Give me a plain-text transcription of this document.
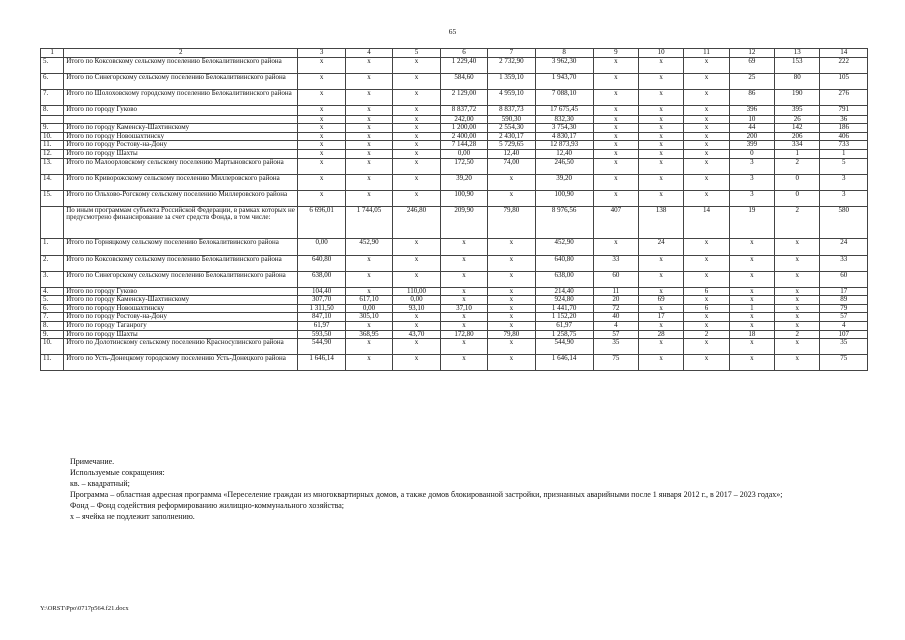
65
1	2	3	4	5	6	7	8	9	10	11	12	13	14
5.	Итого по Коксовскому сельскому поселению Белокалитвинского района	х	х	х	1 229,40	2 732,90	3 962,30	х	х	х	69	153	222
6.	Итого по Синегорскому сельскому поселению Белокалитвинского района	х	х	х	584,60	1 359,10	1 943,70	х	х	х	25	80	105
7.	Итого по Шолоховскому городскому поселению Белокалитвинского района	х	х	х	2 129,00	4 959,10	7 088,10	х	х	х	86	190	276
8.	Итого по городу Гуково	х	х	х	8 837,72	8 837,73	17 675,45	х	х	х	396	395	791
		х	х	х	242,00	590,30	832,30	х	х	х	10	26	36
9.	Итого по городу Каменску-Шахтинскому	х	х	х	1 200,00	2 554,30	3 754,30	х	х	х	44	142	186
10.	Итого по городу Новошахтинску	х	х	х	2 400,00	2 430,17	4 830,17	х	х	х	200	206	406
11.	Итого по городу Ростову-на-Дону	х	х	х	7 144,28	5 729,65	12 873,93	х	х	х	399	334	733
12.	Итого по городу Шахты	х	х	х	0,00	12,40	12,40	х	х	х	0	1	1
13.	Итого по Малоорловскому сельскому поселению Мартыновского района	х	х	х	172,50	74,00	246,50	х	х	х	3	2	5
14.	Итого по Криворожскому сельскому поселению Миллеровского района	х	х	х	39,20	х	39,20	х	х	х	3	0	3
15.	Итого по Ольхово-Рогскому сельскому поселению Миллеровского района	х	х	х	100,90	х	100,90	х	х	х	3	0	3
	По иным программам субъекта Российской Федерации, в рамках которых не предусмотрено финансирование за счет средств Фонда, в том числе:	6 696,01	1 744,05	246,80	209,90	79,80	8 976,56	407	138	14	19	2	580
1.	Итого по Горняцкому сельскому поселению Белокалитвинского района	0,00	452,90	х	х	х	452,90	х	24	х	х	х	24
2.	Итого по Коксовскому сельскому поселению Белокалитвинского района	640,80	х	х	х	х	640,80	33	х	х	х	х	33
3.	Итого по Синегорскому сельскому поселению Белокалитвинского района	638,00	х	х	х	х	638,00	60	х	х	х	х	60
4.	Итого по городу Гуково	104,40	х	110,00	х	х	214,40	11	х	6	х	х	17
5.	Итого по городу Каменску-Шахтинскому	307,70	617,10	0,00	х	х	924,80	20	69	х	х	х	89
6.	Итого по городу Новошахтинску	1 311,50	0,00	93,10	37,10	х	1 441,70	72	х	6	1	х	79
7.	Итого по городу Ростову-на-Дону	847,10	305,10	х	х	х	1 152,20	40	17	х	х	х	57
8.	Итого по городу Таганрогу	61,97	х	х	х	х	61,97	4	х	х	х	х	4
9.	Итого по городу Шахты	593,50	368,95	43,70	172,80	79,80	1 258,75	57	28	2	18	2	107
10.	Итого по Долотинскому сельскому поселению Красносулинского района	544,90	х	х	х	х	544,90	35	х	х	х	х	35
11.	Итого по Усть-Донецкому городскому поселению Усть-Донецкого района	1 646,14	х	х	х	х	1 646,14	75	х	х	х	х	75
Примечание.
Используемые сокращения:
кв. – квадратный;
Программа – областная адресная программа «Переселение граждан из многоквартирных домов, а также домов блокированной застройки, признанных аварийными после 1 января 2012 г., в 2017 – 2023 годах»;
Фонд – Фонд содействия реформированию жилищно-коммунального хозяйства;
х – ячейка не подлежит заполнению.
Y:\ORST\Ppo\0717p564.f21.docx
